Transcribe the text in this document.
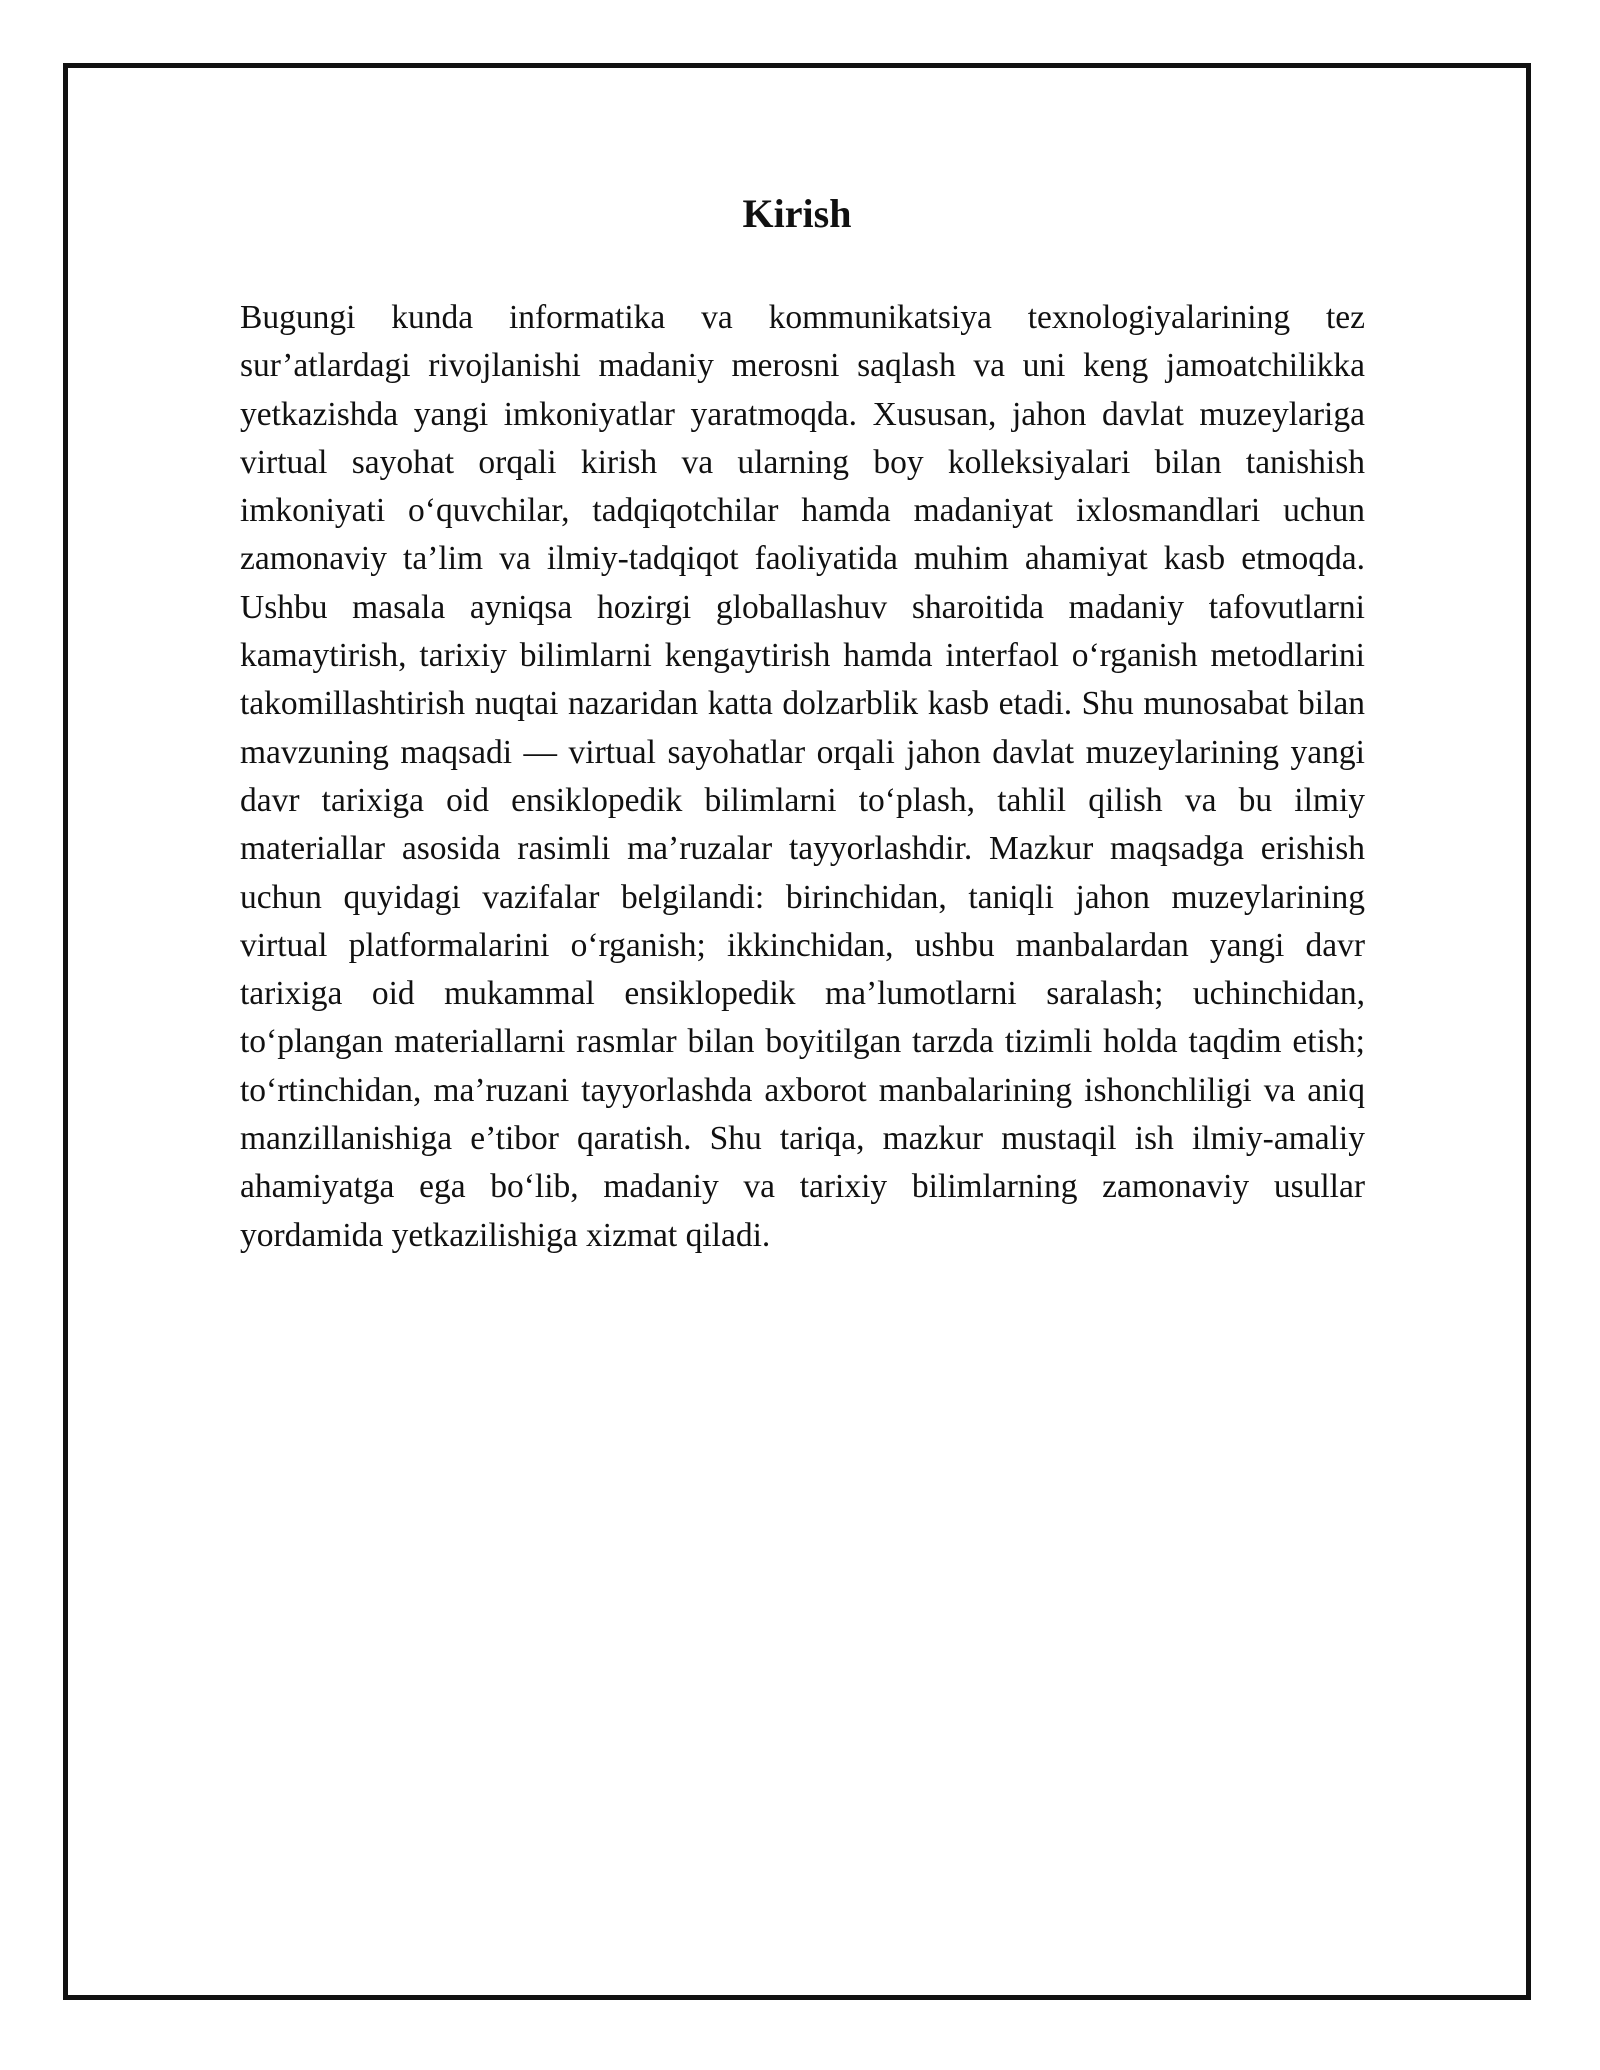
Kirish

Bugungi kunda informatika va kommunikatsiya texnologiyalarining tez sur’atlardagi rivojlanishi madaniy merosni saqlash va uni keng jamoatchilikka yetkazishda yangi imkoniyatlar yaratmoqda. Xususan, jahon davlat muzeylariga virtual sayohat orqali kirish va ularning boy kolleksiyalari bilan tanishish imkoniyati o‘quvchilar, tadqiqotchilar hamda madaniyat ixlosmandlari uchun zamonaviy ta’lim va ilmiy-tadqiqot faoliyatida muhim ahamiyat kasb etmoqda. Ushbu masala ayniqsa hozirgi globallashuv sharoitida madaniy tafovutlarni kamaytirish, tarixiy bilimlarni kengaytirish hamda interfaol o‘rganish metodlarini takomillashtirish nuqtai nazaridan katta dolzarblik kasb etadi. Shu munosabat bilan mavzuning maqsadi — virtual sayohatlar orqali jahon davlat muzeylarining yangi davr tarixiga oid ensiklopedik bilimlarni to‘plash, tahlil qilish va bu ilmiy materiallar asosida rasimli ma’ruzalar tayyorlashdir. Mazkur maqsadga erishish uchun quyidagi vazifalar belgilandi: birinchidan, taniqli jahon muzeylarining virtual platformalarini o‘rganish; ikkinchidan, ushbu manbalardan yangi davr tarixiga oid mukammal ensiklopedik ma’lumotlarni saralash; uchinchidan, to‘plangan materiallarni rasmlar bilan boyitilgan tarzda tizimli holda taqdim etish; to‘rtinchidan, ma’ruzani tayyorlashda axborot manbalarining ishonchliligi va aniq manzillanishiga e’tibor qaratish. Shu tariqa, mazkur mustaqil ish ilmiy-amaliy ahamiyatga ega bo‘lib, madaniy va tarixiy bilimlarning zamonaviy usullar yordamida yetkazilishiga xizmat qiladi.
